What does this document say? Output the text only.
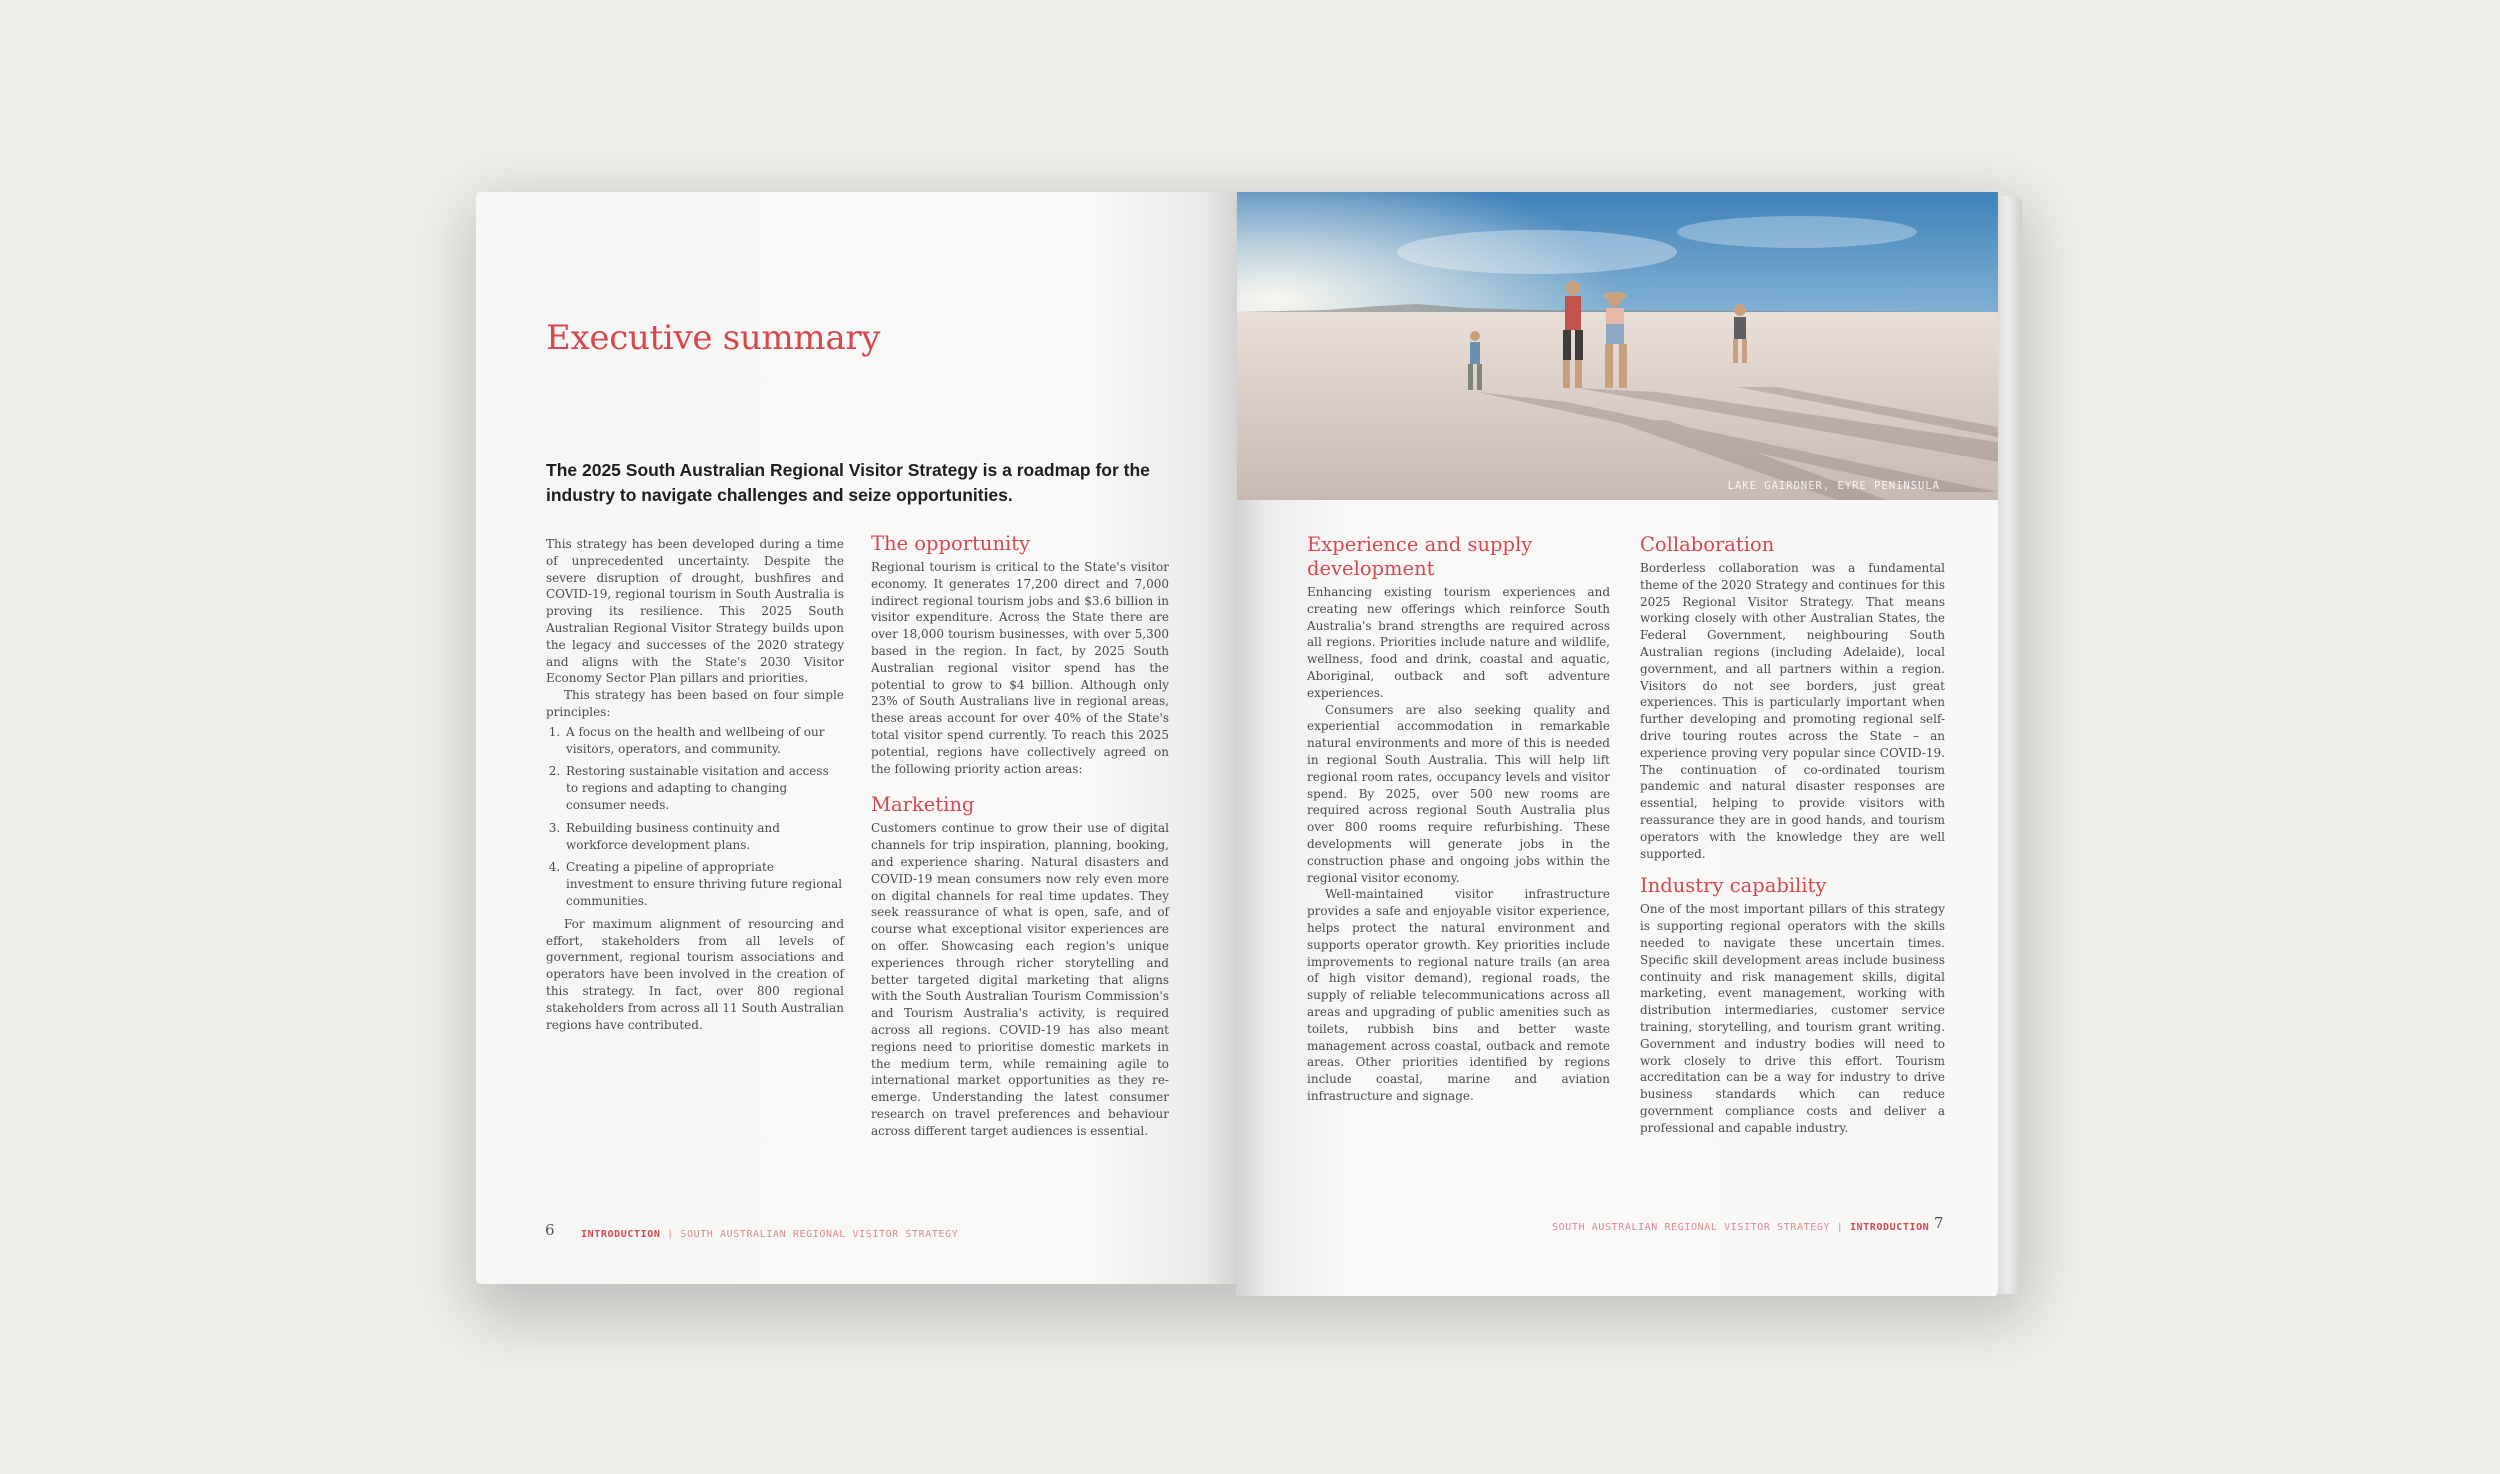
Executive summary

The 2025 South Australian Regional Visitor Strategy is a roadmap for the industry to navigate challenges and seize opportunities.

This strategy has been developed during a time of unprecedented uncertainty. Despite the severe disruption of drought, bushfires and COVID-19, regional tourism in South Australia is proving its resilience. This 2025 South Australian Regional Visitor Strategy builds upon the legacy and successes of the 2020 strategy and aligns with the State's 2030 Visitor Economy Sector Plan pillars and priorities.

This strategy has been based on four simple principles:

1. A focus on the health and wellbeing of our visitors, operators, and community.
2. Restoring sustainable visitation and access to regions and adapting to changing consumer needs.
3. Rebuilding business continuity and workforce development plans.
4. Creating a pipeline of appropriate investment to ensure thriving future regional communities.

For maximum alignment of resourcing and effort, stakeholders from all levels of government, regional tourism associations and operators have been involved in the creation of this strategy. In fact, over 800 regional stakeholders from across all 11 South Australian regions have contributed.

The opportunity

Regional tourism is critical to the State's visitor economy. It generates 17,200 direct and 7,000 indirect regional tourism jobs and $3.6 billion in visitor expenditure. Across the State there are over 18,000 tourism businesses, with over 5,300 based in the region. In fact, by 2025 South Australian regional visitor spend has the potential to grow to $4 billion. Although only 23% of South Australians live in regional areas, these areas account for over 40% of the State's total visitor spend currently. To reach this 2025 potential, regions have collectively agreed on the following priority action areas:

Marketing

Customers continue to grow their use of digital channels for trip inspiration, planning, booking, and experience sharing. Natural disasters and COVID-19 mean consumers now rely even more on digital channels for real time updates. They seek reassurance of what is open, safe, and of course what exceptional visitor experiences are on offer. Showcasing each region's unique experiences through richer storytelling and better targeted digital marketing that aligns with the South Australian Tourism Commission's and Tourism Australia's activity, is required across all regions. COVID-19 has also meant regions need to prioritise domestic markets in the medium term, while remaining agile to international market opportunities as they re-emerge. Understanding the latest consumer research on travel preferences and behaviour across different target audiences is essential.

6	INTRODUCTION | SOUTH AUSTRALIAN REGIONAL VISITOR STRATEGY
LAKE GAIRDNER, EYRE PENINSULA
Experience and supply development

Enhancing existing tourism experiences and creating new offerings which reinforce South Australia's brand strengths are required across all regions. Priorities include nature and wildlife, wellness, food and drink, coastal and aquatic, Aboriginal, outback and soft adventure experiences.

Consumers are also seeking quality and experiential accommodation in remarkable natural environments and more of this is needed in regional South Australia. This will help lift regional room rates, occupancy levels and visitor spend. By 2025, over 500 new rooms are required across regional South Australia plus over 800 rooms require refurbishing. These developments will generate jobs in the construction phase and ongoing jobs within the regional visitor economy.

Well-maintained visitor infrastructure provides a safe and enjoyable visitor experience, helps protect the natural environment and supports operator growth. Key priorities include improvements to regional nature trails (an area of high visitor demand), regional roads, the supply of reliable telecommunications across all areas and upgrading of public amenities such as toilets, rubbish bins and better waste management across coastal, outback and remote areas. Other priorities identified by regions include coastal, marine and aviation infrastructure and signage.

Collaboration

Borderless collaboration was a fundamental theme of the 2020 Strategy and continues for this 2025 Regional Visitor Strategy. That means working closely with other Australian States, the Federal Government, neighbouring South Australian regions (including Adelaide), local government, and all partners within a region. Visitors do not see borders, just great experiences. This is particularly important when further developing and promoting regional self-drive touring routes across the State – an experience proving very popular since COVID-19. The continuation of co-ordinated tourism pandemic and natural disaster responses are essential, helping to provide visitors with reassurance they are in good hands, and tourism operators with the knowledge they are well supported.

Industry capability

One of the most important pillars of this strategy is supporting regional operators with the skills needed to navigate these uncertain times. Specific skill development areas include business continuity and risk management skills, digital marketing, event management, working with distribution intermediaries, customer service training, storytelling, and tourism grant writing. Government and industry bodies will need to work closely to drive this effort. Tourism accreditation can be a way for industry to drive business standards which can reduce government compliance costs and deliver a professional and capable industry.

SOUTH AUSTRALIAN REGIONAL VISITOR STRATEGY | INTRODUCTION 7
